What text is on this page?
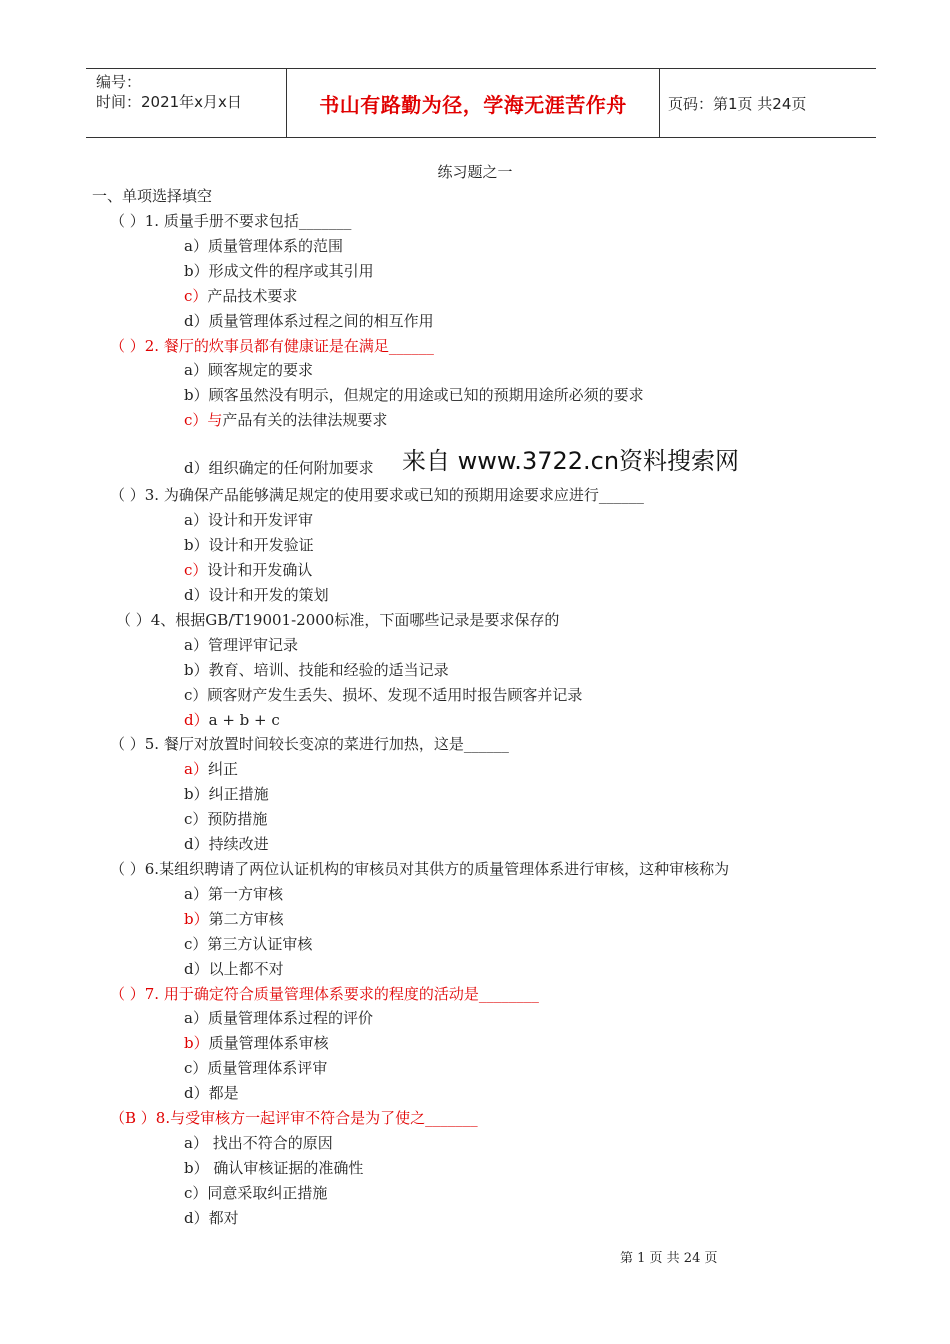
编号：
时间：2021年x月x日	书山有路勤为径，学海无涯苦作舟	页码：第1页 共24页
练习题之一
一、单项选择填空
（ ）1. 质量手册不要求包括_______
a）质量管理体系的范围
b）形成文件的程序或其引用
c）产品技术要求
d）质量管理体系过程之间的相互作用
（ ）2. 餐厅的炊事员都有健康证是在满足______
a）顾客规定的要求
b）顾客虽然没有明示，但规定的用途或已知的预期用途所必须的要求
c）与产品有关的法律法规要求
d）组织确定的任何附加要求 来自 www.3722.cn资料搜索网
（ ）3. 为确保产品能够满足规定的使用要求或已知的预期用途要求应进行______
a）设计和开发评审
b）设计和开发验证
c）设计和开发确认
d）设计和开发的策划
（ ）4、根据GB/T19001-2000标准，下面哪些记录是要求保存的
a）管理评审记录
b）教育、培训、技能和经验的适当记录
c）顾客财产发生丢失、损坏、发现不适用时报告顾客并记录
d）a + b + c
（ ）5. 餐厅对放置时间较长变凉的菜进行加热，这是______
a）纠正
b）纠正措施
c）预防措施
d）持续改进
（ ）6.某组织聘请了两位认证机构的审核员对其供方的质量管理体系进行审核，这种审核称为
a）第一方审核
b）第二方审核
c）第三方认证审核
d）以上都不对
（ ）7. 用于确定符合质量管理体系要求的程度的活动是________
a）质量管理体系过程的评价
b）质量管理体系审核
c）质量管理体系评审
d）都是
（B ）8.与受审核方一起评审不符合是为了使之_______
a） 找出不符合的原因
b） 确认审核证据的准确性
c）同意采取纠正措施
d）都对
第 1 页 共 24 页
